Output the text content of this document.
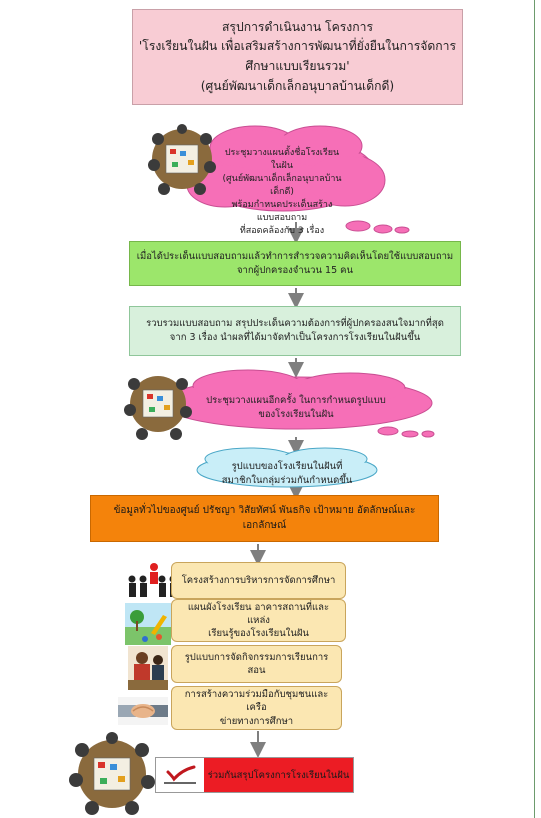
สรุปการดำเนินงาน โครงการ
'โรงเรียนในฝัน เพื่อเสริมสร้างการพัฒนาที่ยั่งยืนในการจัดการ
ศึกษาแบบเรียนรวม'
(ศูนย์พัฒนาเด็กเล็กอนุบาลบ้านเด็กดี)
ประชุมวางแผนตั้งชื่อโรงเรียนในฝัน
(ศูนย์พัฒนาเด็กเล็กอนุบาลบ้านเด็กดี)
พร้อมกำหนดประเด็นสร้างแบบสอบถาม
ที่สอดคล้องกับ 3 เรื่อง
เมื่อได้ประเด็นแบบสอบถามแล้วทำการสำรวจความคิดเห็นโดยใช้แบบสอบถาม
จากผู้ปกครองจำนวน 15 คน
รวบรวมแบบสอบถาม สรุปประเด็นความต้องการที่ผู้ปกครองสนใจมากที่สุด
จาก 3 เรื่อง นำผลที่ได้มาจัดทำเป็นโครงการโรงเรียนในฝันขึ้น
ประชุมวางแผนอีกครั้ง ในการกำหนดรูปแบบ
ของโรงเรียนในฝัน
รูปแบบของโรงเรียนในฝันที่
สมาชิกในกลุ่มร่วมกันกำหนดขึ้น
ข้อมูลทั่วไปของศูนย์ ปรัชญา วิสัยทัศน์ พันธกิจ เป้าหมาย อัตลักษณ์และ
เอกลักษณ์
โครงสร้างการบริหารการจัดการศึกษา
แผนผังโรงเรียน อาคารสถานที่และแหล่ง
เรียนรู้ของโรงเรียนในฝัน
รูปแบบการจัดกิจกรรมการเรียนการสอน
การสร้างความร่วมมือกับชุมชนและเครือ
ข่ายทางการศึกษา
ร่วมกันสรุปโครงการโรงเรียนในฝัน
